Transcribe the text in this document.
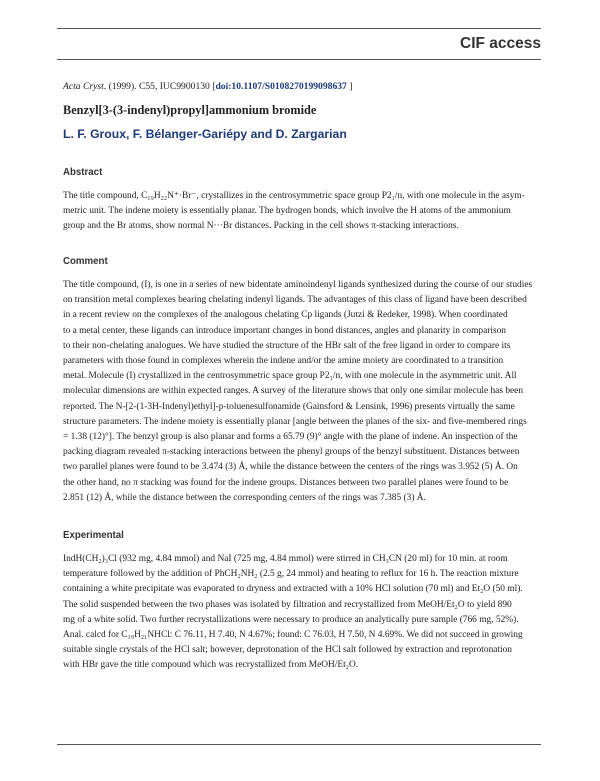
CIF access
Acta Cryst. (1999). C55, IUC9900130 [doi:10.1107/S0108270199098637 ]
Benzyl[3-(3-indenyl)propyl]ammonium bromide
L. F. Groux, F. Bélanger-Gariépy and D. Zargarian
Abstract
The title compound, C₁₉H₂₂N⁺·Br⁻, crystallizes in the centrosymmetric space group P2₁/n, with one molecule in the asym-
metric unit. The indene moiety is essentially planar. The hydrogen bonds, which involve the H atoms of the ammonium
group and the Br atoms, show normal N···Br distances. Packing in the cell shows π-stacking interactions.
Comment
The title compound, (I), is one in a series of new bidentate aminoindenyl ligands synthesized during the course of our studies
on transition metal complexes bearing chelating indenyl ligands. The advantages of this class of ligand have been described
in a recent review on the complexes of the analogous chelating Cp ligands (Jutzi & Redeker, 1998). When coordinated
to a metal center, these ligands can introduce important changes in bond distances, angles and planarity in comparison
to their non-chelating analogues. We have studied the structure of the HBr salt of the free ligand in order to compare its
parameters with those found in complexes wherein the indene and/or the amine moiety are coordinated to a transition
metal. Molecule (I) crystallized in the centrosymmetric space group P2₁/n, with one molecule in the asymmetric unit. All
molecular dimensions are within expected ranges. A survey of the literature shows that only one similar molecule has been
reported. The N-[2-(1-3H-Indenyl)ethyl]-p-toluenesulfonamide (Gainsford & Lensink, 1996) presents virtually the same
structure parameters. The indene moiety is essentially planar [angle between the planes of the six- and five-membered rings
= 1.38 (12)°]. The benzyl group is also planar and forms a 65.79 (9)° angle with the plane of indene. An inspection of the
packing diagram revealed π-stacking interactions between the phenyl groups of the benzyl substituent. Distances between
two parallel planes were found to be 3.474 (3) Å, while the distance between the centers of the rings was 3.952 (5) Å. On
the other hand, no π stacking was found for the indene groups. Distances between two parallel planes were found to be
2.851 (12) Å, while the distance between the corresponding centers of the rings was 7.385 (3) Å.
Experimental
IndH(CH₂)₃Cl (932 mg, 4.84 mmol) and NaI (725 mg, 4.84 mmol) were stirred in CH₃CN (20 ml) for 10 min. at room
temperature followed by the addition of PhCH₂NH₂ (2.5 g, 24 mmol) and heating to reflux for 16 h. The reaction mixture
containing a white precipitate was evaporated to dryness and extracted with a 10% HCl solution (70 ml) and Et₂O (50 ml).
The solid suspended between the two phases was isolated by filtration and recrystallized from MeOH/Et₂O to yield 890
mg of a white solid. Two further recrystallizations were necessary to produce an analytically pure sample (766 mg, 52%).
Anal. calcd for C₁₉H₂₁NHCl: C 76.11, H 7.40, N 4.67%; found: C 76.03, H 7.50, N 4.69%. We did not succeed in growing
suitable single crystals of the HCl salt; however, deprotonation of the HCl salt followed by extraction and reprotonation
with HBr gave the title compound which was recrystallized from MeOH/Et₂O.
